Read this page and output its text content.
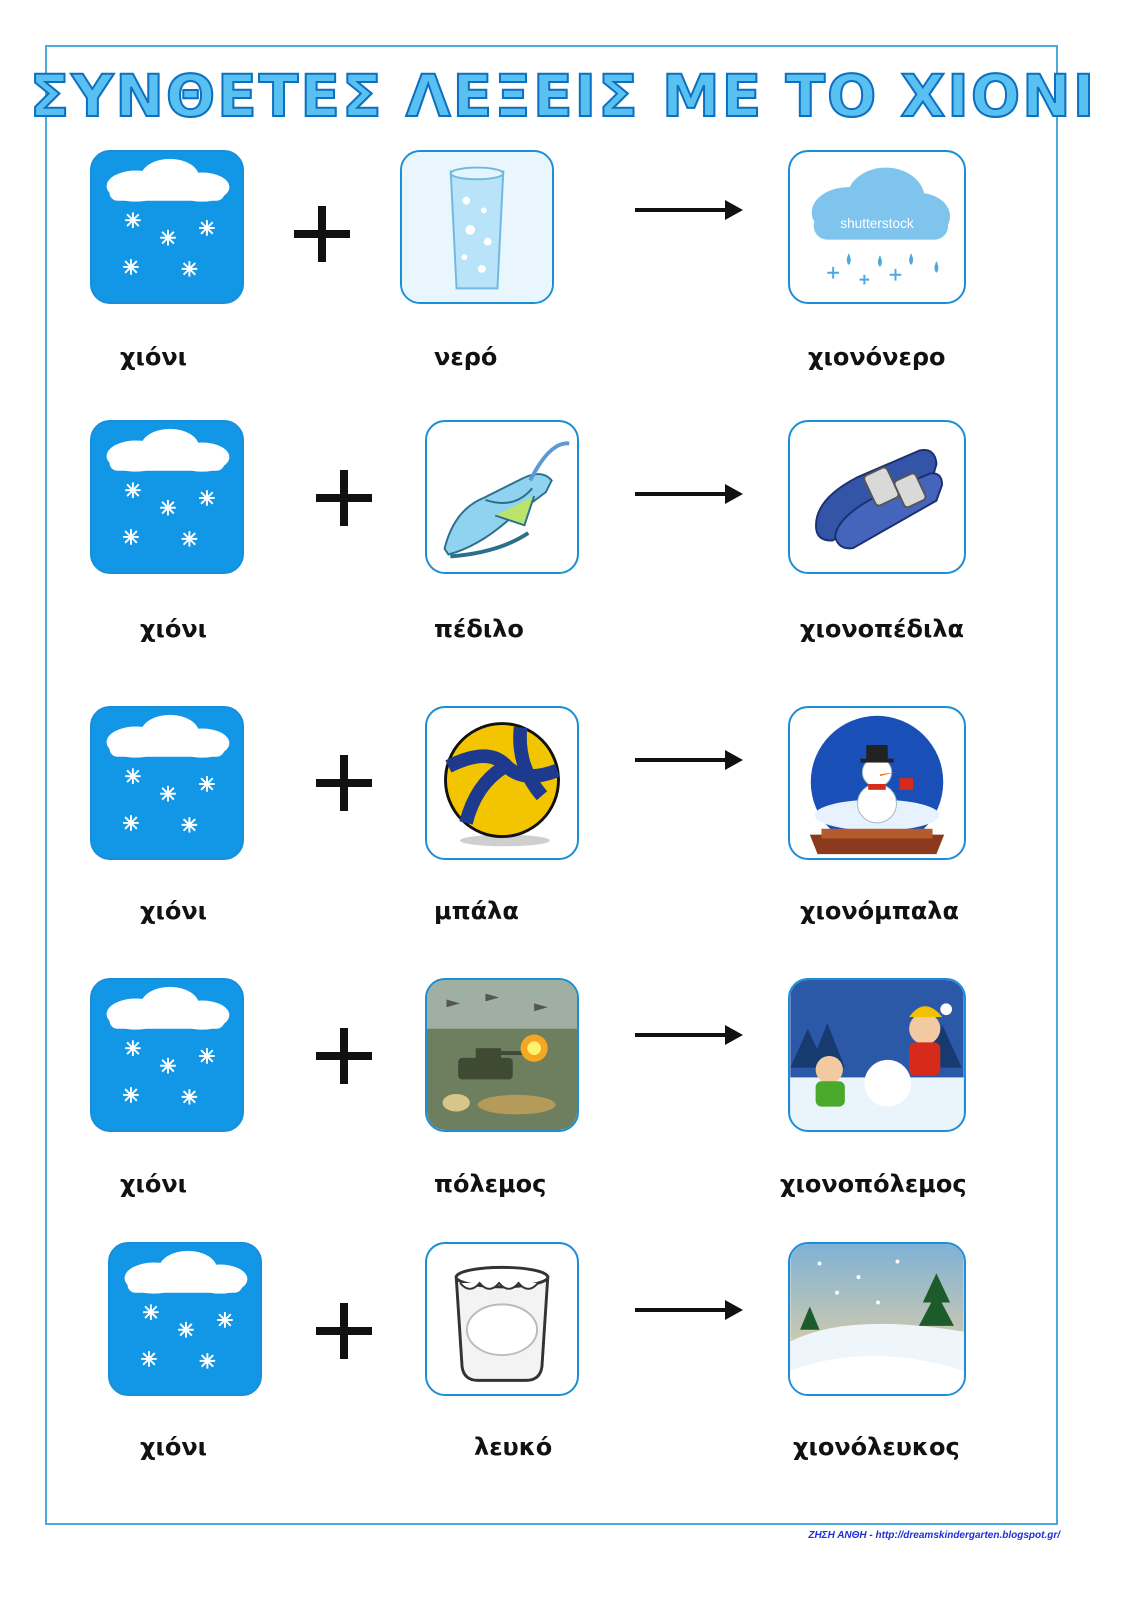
ΣΥΝΘΕΤΕΣ ΛΕΞΕΙΣ ΜΕ ΤΟ ΧΙΟΝΙ
shutterstock
χιόνι	νερό	χιονόνερο
χιόνι	πέδιλο	χιονοπέδιλα
χιόνι	μπάλα	χιονόμπαλα
χιόνι	πόλεμος	χιονοπόλεμος
χιόνι	λευκό	χιονόλευκος
ΖΗΣΗ ΑΝΘΗ - http://dreamskindergarten.blogspot.gr/
